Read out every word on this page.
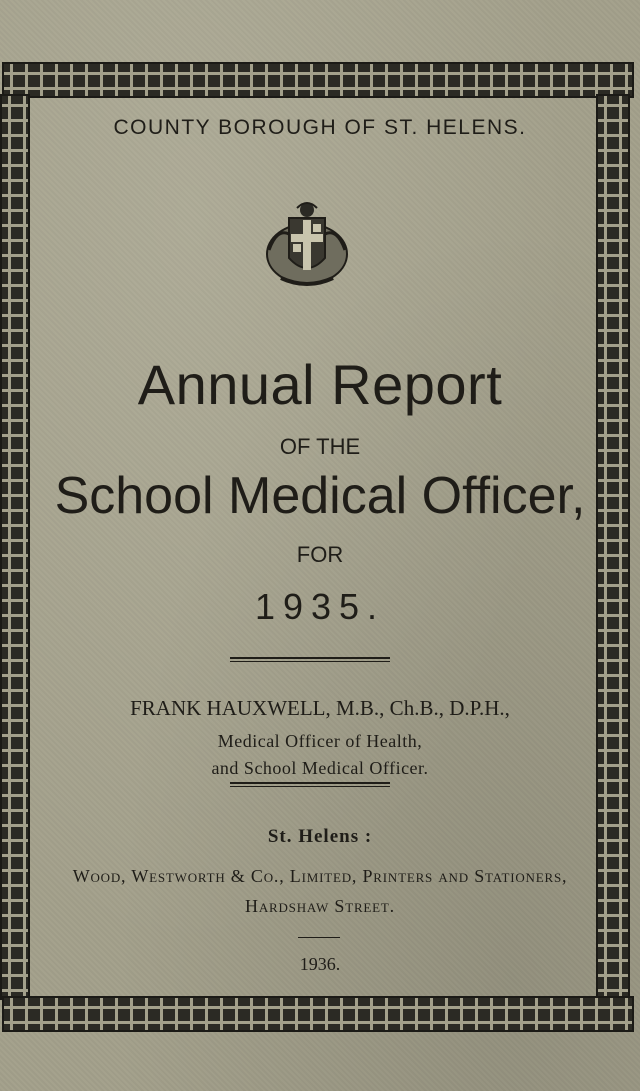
COUNTY BOROUGH OF ST. HELENS.
Annual Report
OF THE
School Medical Officer,
FOR
1935.
FRANK HAUXWELL, M.B., Ch.B., D.P.H.,
Medical Officer of Health,
and School Medical Officer.
St. Helens :
Wood, Westworth & Co., Limited, Printers and Stationers,
Hardshaw Street.
1936.
